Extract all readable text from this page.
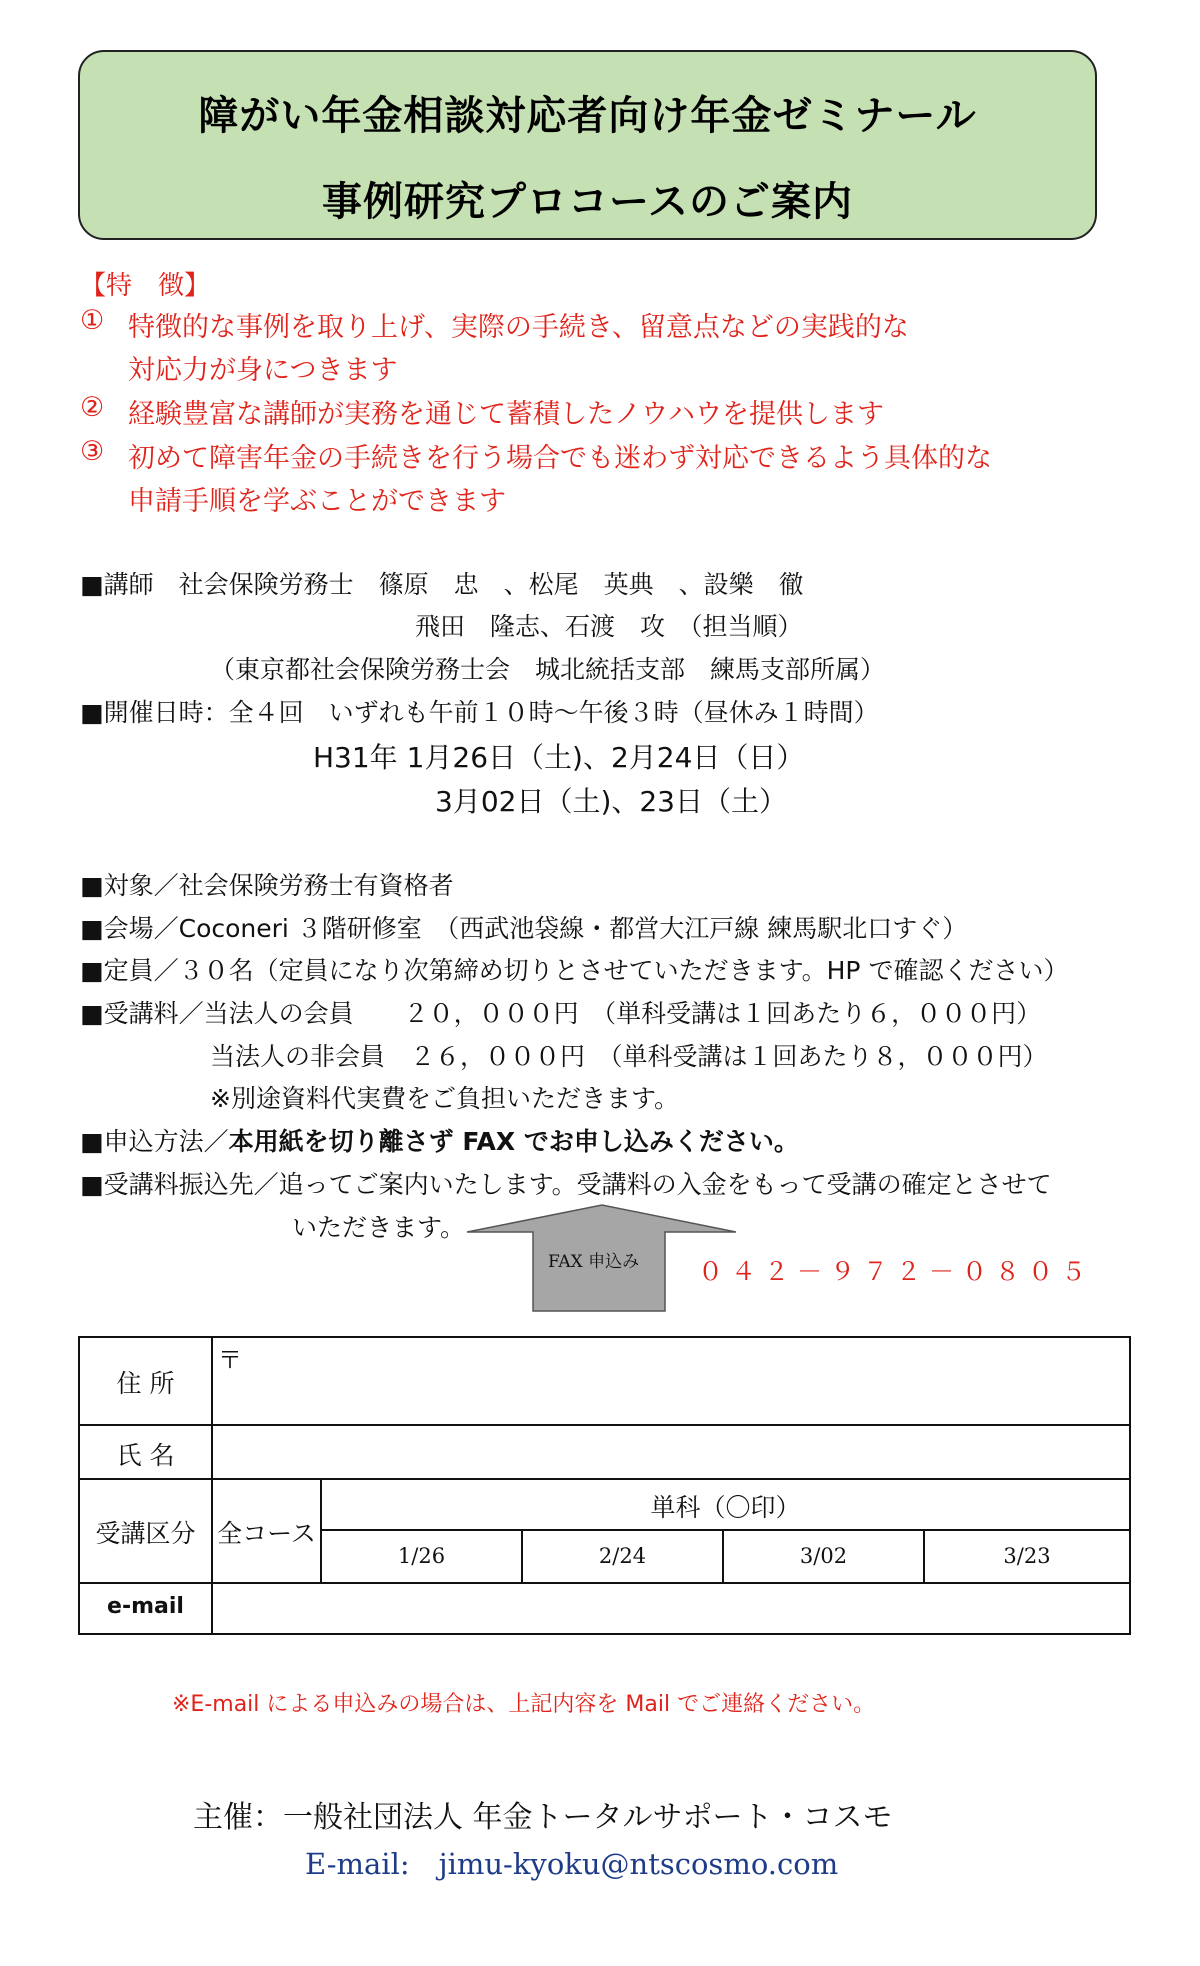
障がい年金相談対応者向け年金ゼミナール
事例研究プロコースのご案内
【特　徴】
① 特徴的な事例を取り上げ、実際の手続き、留意点などの実践的な
対応力が身につきます
② 経験豊富な講師が実務を通じて蓄積したノウハウを提供します
③ 初めて障害年金の手続きを行う場合でも迷わず対応できるよう具体的な
申請手順を学ぶことができます
■講師　社会保険労務士　篠原　忠　、松尾　英典　、設樂　徹
飛田　隆志、石渡　攻　（担当順）
（東京都社会保険労務士会　城北統括支部　練馬支部所属）
■開催日時：全４回　いずれも午前１０時～午後３時（昼休み１時間）
H31年 1月26日（土)、2月24日（日）
3月02日（土)、23日（土）
■対象／社会保険労務士有資格者
■会場／Coconeri ３階研修室　（西武池袋線・都営大江戸線 練馬駅北口すぐ）
■定員／３０名（定員になり次第締め切りとさせていただきます。HP で確認ください）
■受講料／当法人の会員　　２０，０００円　（単科受講は１回あたり６，０００円）
当法人の非会員　２６，０００円　（単科受講は１回あたり８，０００円）
※別途資料代実費をご負担いただきます。
■申込方法／本用紙を切り離さず FAX でお申し込みください。
■受講料振込先／追ってご案内いたします。受講料の入金をもって受講の確定とさせて
いただきます。
FAX 申込み ０４２－９７２－０８０５
住 所
〒
氏 名
受講区分 全コース
単科（〇印）
1/26	2/24	3/02	3/23
e-mail
※E-mail による申込みの場合は、上記内容を Mail でご連絡ください。
主催：一般社団法人 年金トータルサポート・コスモ
E-mail:　jimu-kyoku@ntscosmo.com
